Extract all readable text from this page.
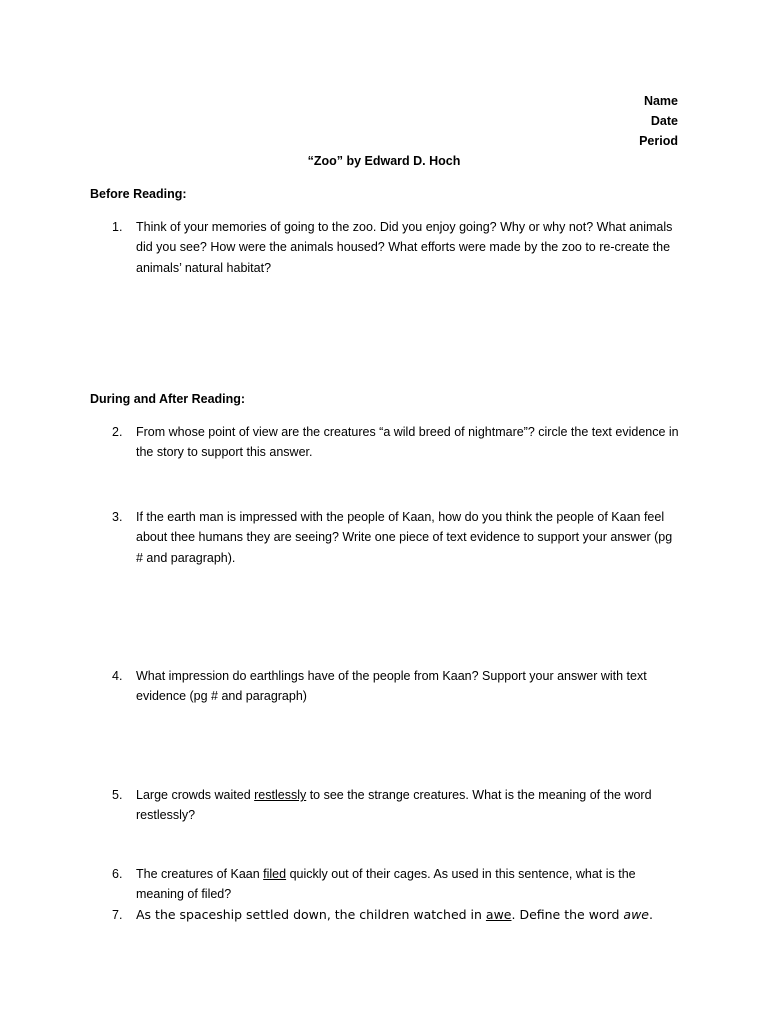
Name
Date
Period
“Zoo” by Edward D. Hoch
Before Reading:
1. Think of your memories of going to the zoo. Did you enjoy going? Why or why not? What animals did you see? How were the animals housed? What efforts were made by the zoo to re-create the animals’ natural habitat?
During and After Reading:
2. From whose point of view are the creatures “a wild breed of nightmare”? circle the text evidence in the story to support this answer.
3. If the earth man is impressed with the people of Kaan, how do you think the people of Kaan feel about thee humans they are seeing? Write one piece of text evidence to support your answer (pg # and paragraph).
4. What impression do earthlings have of the people from Kaan? Support your answer with text evidence (pg # and paragraph)
5. Large crowds waited restlessly to see the strange creatures. What is the meaning of the word restlessly?
6. The creatures of Kaan filed quickly out of their cages. As used in this sentence, what is the meaning of filed?
7. As the spaceship settled down, the children watched in awe. Define the word awe.
